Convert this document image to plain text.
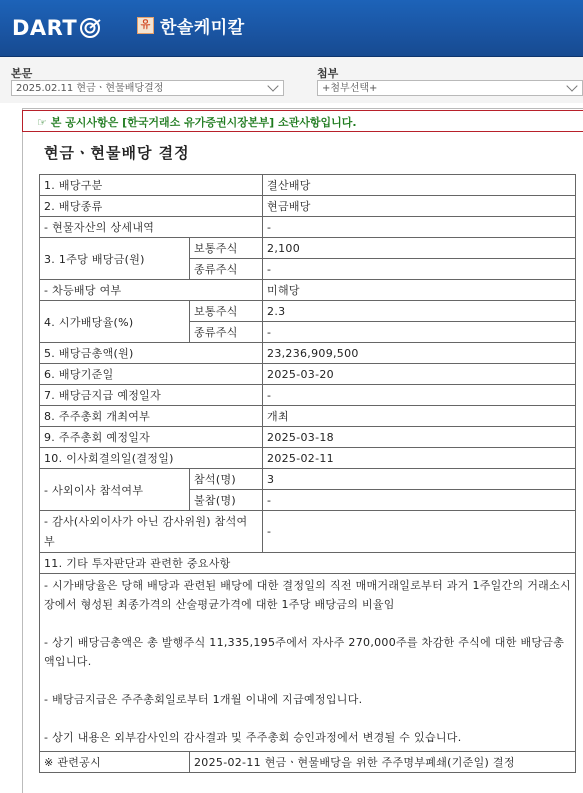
DART	유 한솔케미칼
본문
2025.02.11 현금ㆍ현물배당결정
첨부
+첨부선택+
☞ 본 공시사항은 [한국거래소 유가증권시장본부] 소관사항입니다.
현금ㆍ현물배당 결정
1. 배당구분		결산배당
2. 배당종류		현금배당
- 현물자산의 상세내역		-
3. 1주당 배당금(원)	보통주식	2,100
	종류주식	-
- 차등배당 여부		미해당
4. 시가배당율(%)	보통주식	2.3
	종류주식	-
5. 배당금총액(원)		23,236,909,500
6. 배당기준일		2025-03-20
7. 배당금지급 예정일자		-
8. 주주총회 개최여부		개최
9. 주주총회 예정일자		2025-03-18
10. 이사회결의일(결정일)		2025-02-11
- 사외이사 참석여부	참석(명)	3
	불참(명)	-
- 감사(사외이사가 아닌 감사위원) 참석여부		-
11. 기타 투자판단과 관련한 중요사항		

- 시가배당율은 당해 배당과 관련된 배당에 대한 결정일의 직전 매매거래일로부터 과거 1주일간의 거래소시장에서 형성된 최종가격의 산술평균가격에 대한 1주당 배당금의 비율임

- 상기 배당금총액은 총 발행주식 11,335,195주에서 자사주 270,000주를 차감한 주식에 대한 배당금총액입니다.

- 배당금지급은 주주총회일로부터 1개월 이내에 지급예정입니다.

- 상기 내용은 외부감사인의 감사결과 및 주주총회 승인과정에서 변경될 수 있습니다.		

※ 관련공시	2025-02-11 현금ㆍ현물배당을 위한 주주명부폐쇄(기준일) 결정	
